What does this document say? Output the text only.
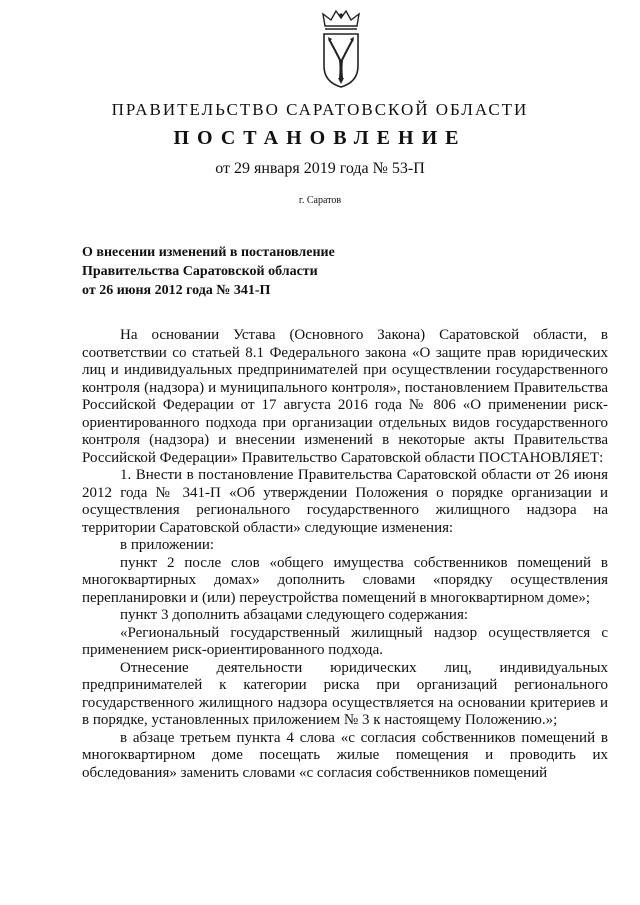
ПРАВИТЕЛЬСТВО САРАТОВСКОЙ ОБЛАСТИ
ПОСТАНОВЛЕНИЕ
от 29 января 2019 года № 53-П
г. Саратов
О внесении изменений в постановление
Правительства Саратовской области
от 26 июня 2012 года № 341-П
На основании Устава (Основного Закона) Саратовской области, в соответствии со статьей 8.1 Федерального закона «О защите прав юридических лиц и индивидуальных предпринимателей при осуществлении государственного контроля (надзора) и муниципального контроля», постановлением Правительства Российской Федерации от 17 августа 2016 года № 806 «О применении риск-ориентированного подхода при организации отдельных видов государственного контроля (надзора) и внесении изменений в некоторые акты Правительства Российской Федерации» Правительство Саратовской области ПОСТАНОВЛЯЕТ:
1. Внести в постановление Правительства Саратовской области от 26 июня 2012 года № 341-П «Об утверждении Положения о порядке организации и осуществления регионального государственного жилищного надзора на территории Саратовской области» следующие изменения:
в приложении:
пункт 2 после слов «общего имущества собственников помещений в многоквартирных домах» дополнить словами «порядку осуществления перепланировки и (или) переустройства помещений в многоквартирном доме»;
пункт 3 дополнить абзацами следующего содержания:
«Региональный государственный жилищный надзор осуществляется с применением риск-ориентированного подхода.
Отнесение деятельности юридических лиц, индивидуальных предпринимателей к категории риска при организаций регионального государственного жилищного надзора осуществляется на основании критериев и в порядке, установленных приложением № 3 к настоящему Положению.»;
в абзаце третьем пункта 4 слова «с согласия собственников помещений в многоквартирном доме посещать жилые помещения и проводить их обследования» заменить словами «с согласия собственников помещений
